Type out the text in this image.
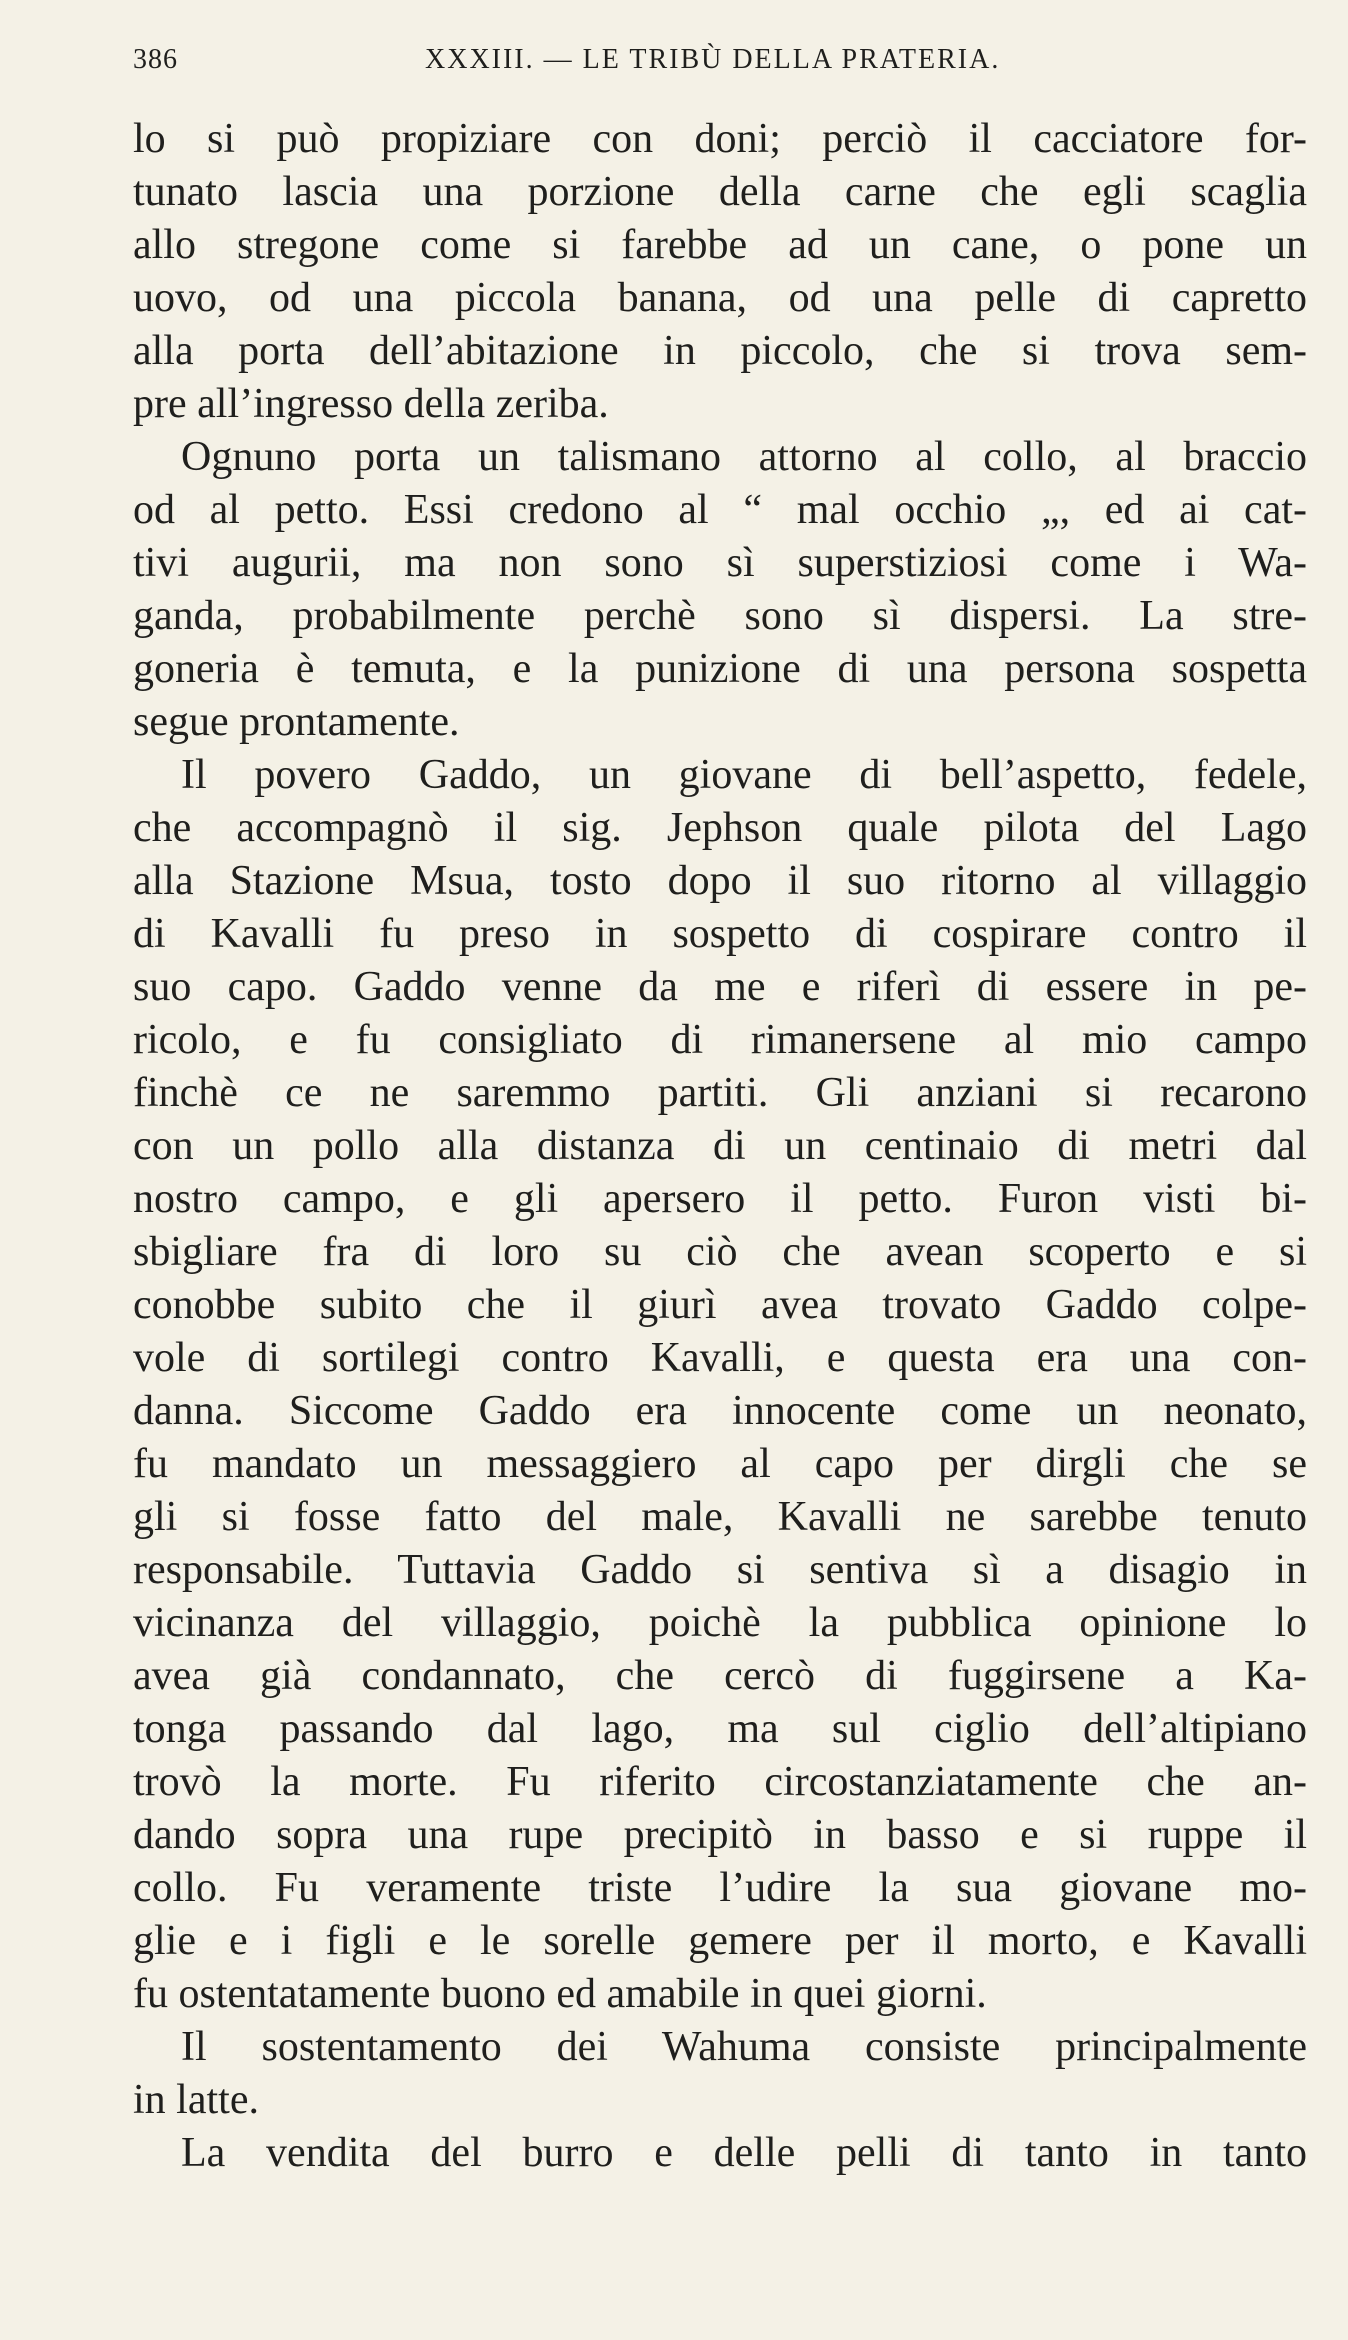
386	XXXIII. — LE TRIBÙ DELLA PRATERIA.
lo si può propiziare con doni; perciò il cacciatore for-
tunato lascia una porzione della carne che egli scaglia
allo stregone come si farebbe ad un cane, o pone un
uovo, od una piccola banana, od una pelle di capretto
alla porta dell’abitazione in piccolo, che si trova sem-
pre all’ingresso della zeriba.
Ognuno porta un talismano attorno al collo, al braccio
od al petto. Essi credono al “ mal occhio „, ed ai cat-
tivi augurii, ma non sono sì superstiziosi come i Wa-
ganda, probabilmente perchè sono sì dispersi. La stre-
goneria è temuta, e la punizione di una persona sospetta
segue prontamente.
Il povero Gaddo, un giovane di bell’aspetto, fedele,
che accompagnò il sig. Jephson quale pilota del Lago
alla Stazione Msua, tosto dopo il suo ritorno al villaggio
di Kavalli fu preso in sospetto di cospirare contro il
suo capo. Gaddo venne da me e riferì di essere in pe-
ricolo, e fu consigliato di rimanersene al mio campo
finchè ce ne saremmo partiti. Gli anziani si recarono
con un pollo alla distanza di un centinaio di metri dal
nostro campo, e gli apersero il petto. Furon visti bi-
sbigliare fra di loro su ciò che avean scoperto e si
conobbe subito che il giurì avea trovato Gaddo colpe-
vole di sortilegi contro Kavalli, e questa era una con-
danna. Siccome Gaddo era innocente come un neonato,
fu mandato un messaggiero al capo per dirgli che se
gli si fosse fatto del male, Kavalli ne sarebbe tenuto
responsabile. Tuttavia Gaddo si sentiva sì a disagio in
vicinanza del villaggio, poichè la pubblica opinione lo
avea già condannato, che cercò di fuggirsene a Ka-
tonga passando dal lago, ma sul ciglio dell’altipiano
trovò la morte. Fu riferito circostanziatamente che an-
dando sopra una rupe precipitò in basso e si ruppe il
collo. Fu veramente triste l’udire la sua giovane mo-
glie e i figli e le sorelle gemere per il morto, e Kavalli
fu ostentatamente buono ed amabile in quei giorni.
Il sostentamento dei Wahuma consiste principalmente
in latte.
La vendita del burro e delle pelli di tanto in tanto
